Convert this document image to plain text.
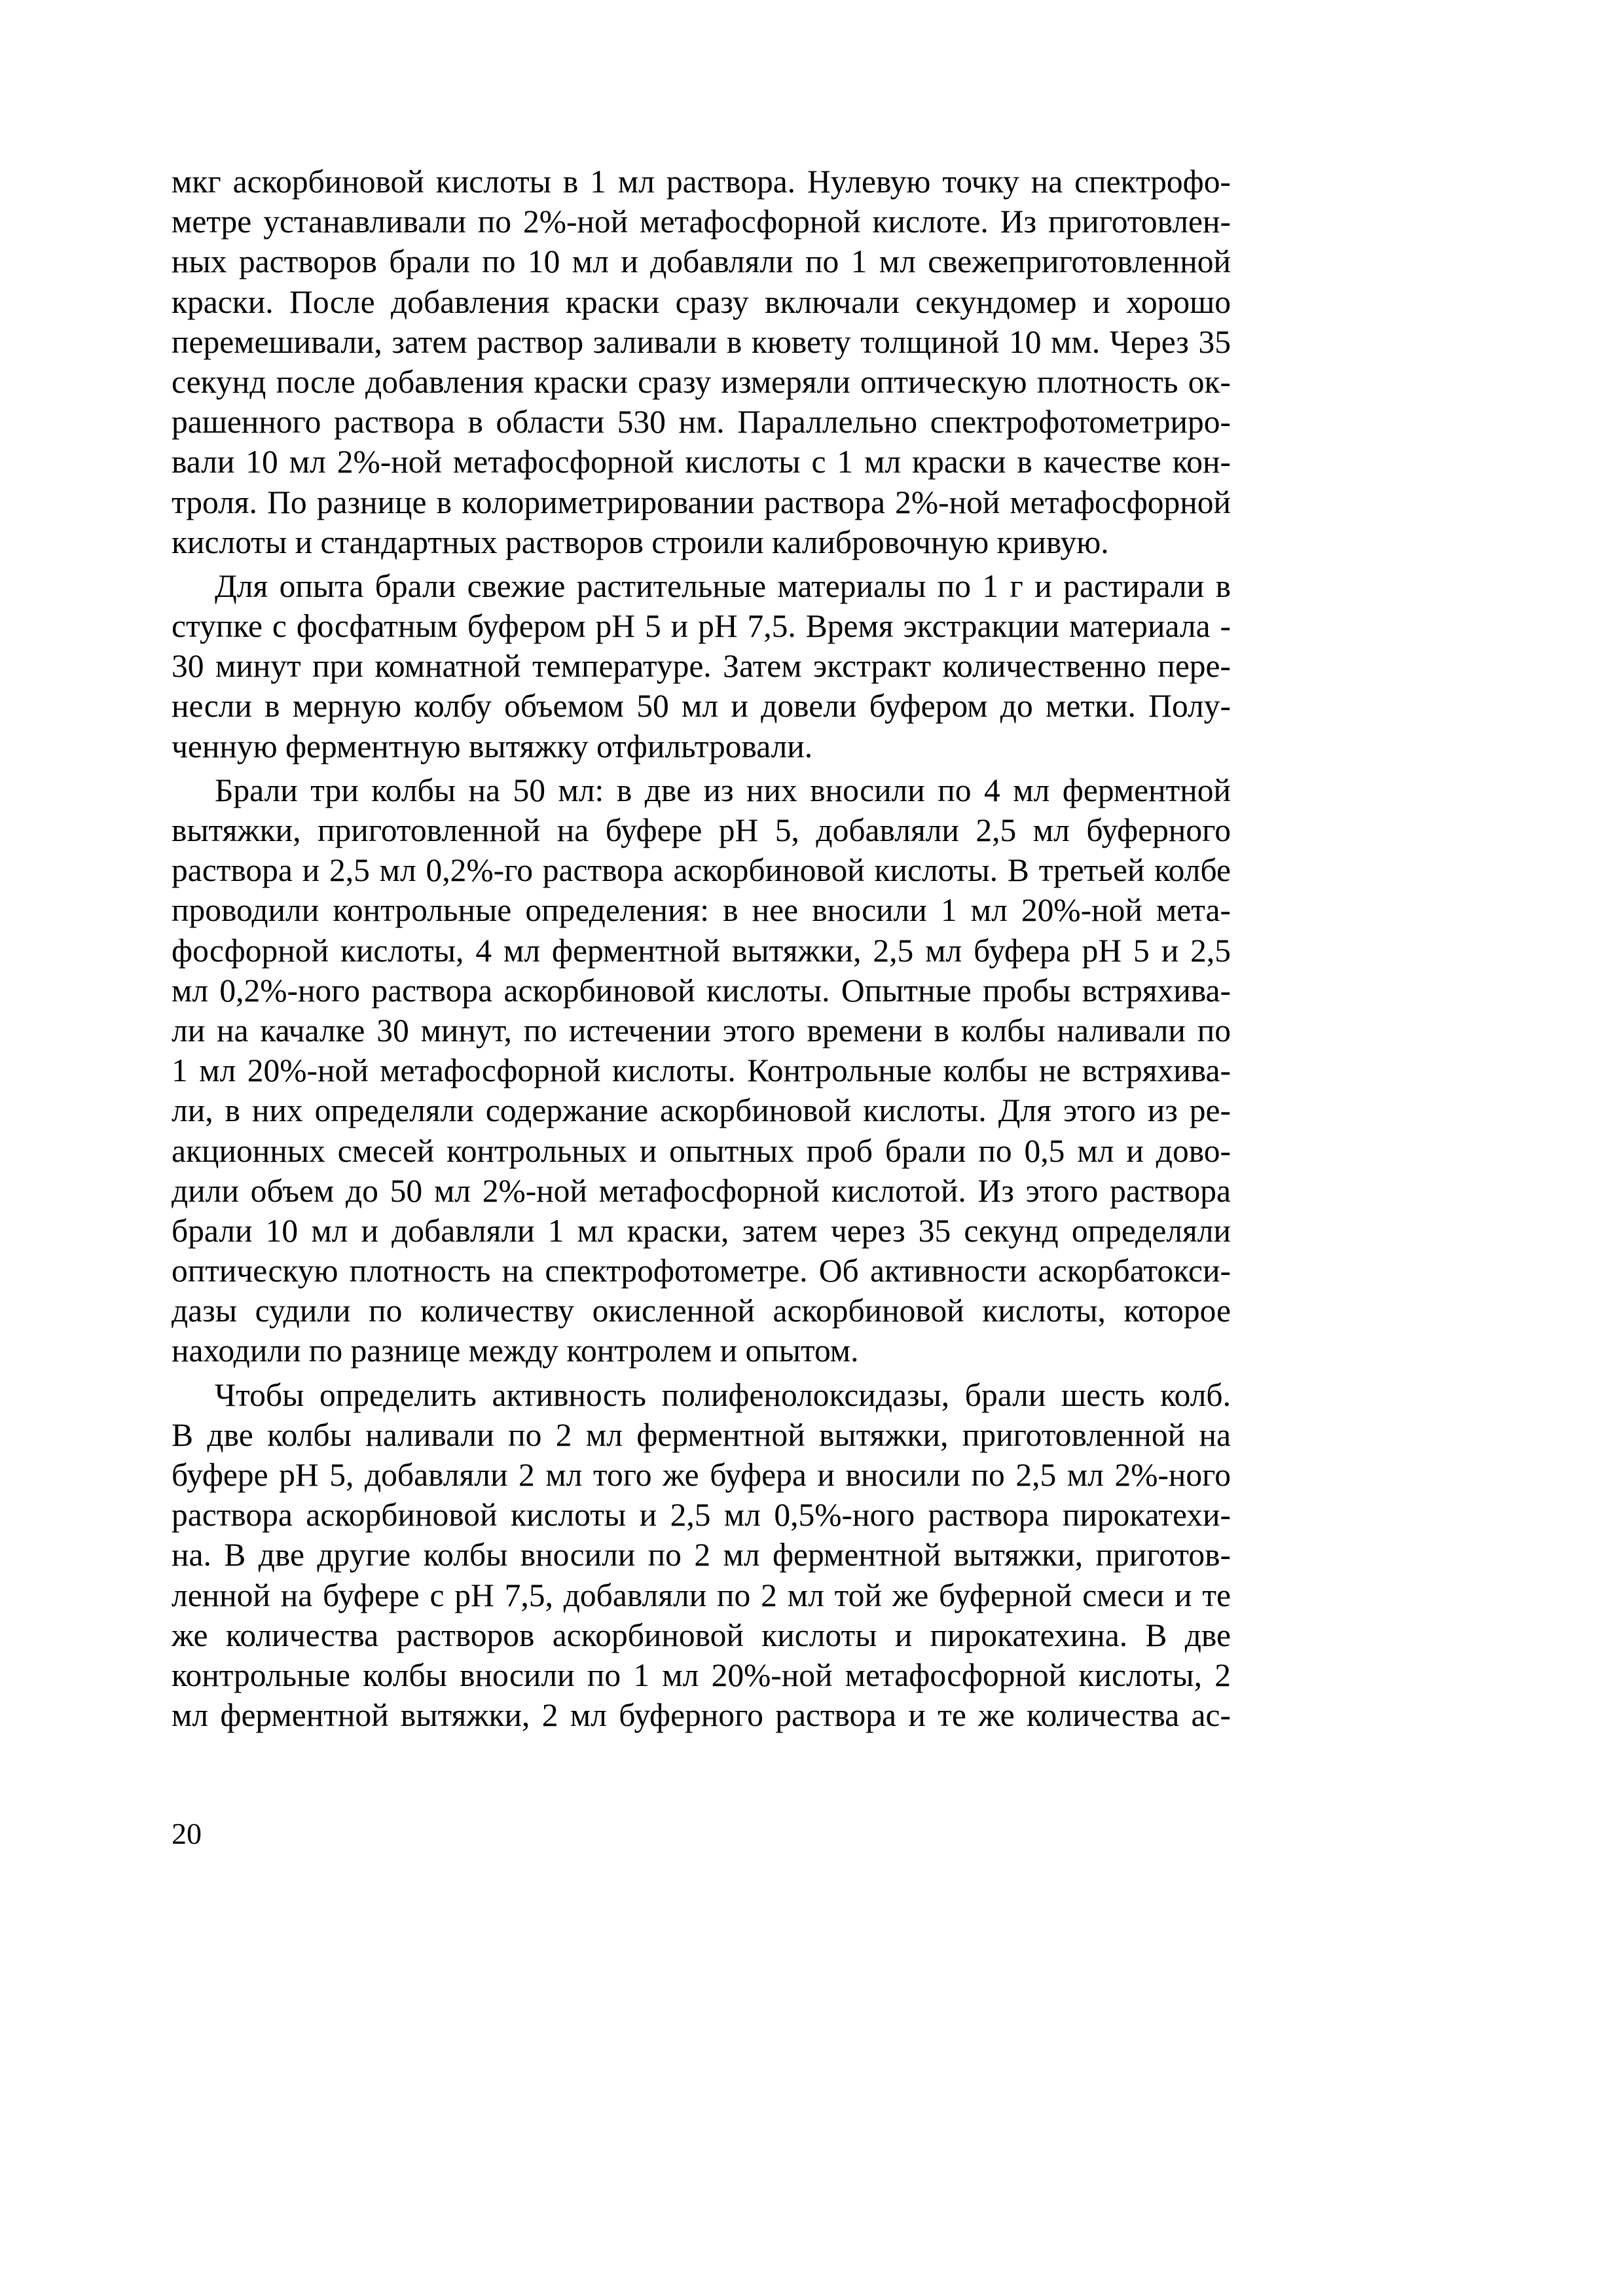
мкг аскорбиновой кислоты в 1 мл раствора. Нулевую точку на спектрофо-
метре устанавливали по 2%-ной метафосфорной кислоте. Из приготовлен-
ных растворов брали по 10 мл и добавляли по 1 мл свежеприготовленной
краски. После добавления краски сразу включали секундомер и хорошо
перемешивали, затем раствор заливали в кювету толщиной 10 мм. Через 35
секунд после добавления краски сразу измеряли оптическую плотность ок-
рашенного раствора в области 530 нм. Параллельно спектрофотометриро-
вали 10 мл 2%-ной метафосфорной кислоты с 1 мл краски в качестве кон-
троля. По разнице в колориметрировании раствора 2%-ной метафосфорной
кислоты и стандартных растворов строили калибровочную кривую.
Для опыта брали свежие растительные материалы по 1 г и растирали в
ступке с фосфатным буфером рН 5 и рН 7,5. Время экстракции материала -
30 минут при комнатной температуре. Затем экстракт количественно пере-
несли в мерную колбу объемом 50 мл и довели буфером до метки. Полу-
ченную ферментную вытяжку отфильтровали.
Брали три колбы на 50 мл: в две из них вносили по 4 мл ферментной
вытяжки, приготовленной на буфере рН 5, добавляли 2,5 мл буферного
раствора и 2,5 мл 0,2%-го раствора аскорбиновой кислоты. В третьей колбе
проводили контрольные определения: в нее вносили 1 мл 20%-ной мета-
фосфорной кислоты, 4 мл ферментной вытяжки, 2,5 мл буфера рН 5 и 2,5
мл 0,2%-ного раствора аскорбиновой кислоты. Опытные пробы встряхива-
ли на качалке 30 минут, по истечении этого времени в колбы наливали по
1 мл 20%-ной метафосфорной кислоты. Контрольные колбы не встряхива-
ли, в них определяли содержание аскорбиновой кислоты. Для этого из ре-
акционных смесей контрольных и опытных проб брали по 0,5 мл и дово-
дили объем до 50 мл 2%-ной метафосфорной кислотой. Из этого раствора
брали 10 мл и добавляли 1 мл краски, затем через 35 секунд определяли
оптическую плотность на спектрофотометре. Об активности аскорбатокси-
дазы судили по количеству окисленной аскорбиновой кислоты, которое
находили по разнице между контролем и опытом.
Чтобы определить активность полифенолоксидазы, брали шесть колб.
В две колбы наливали по 2 мл ферментной вытяжки, приготовленной на
буфере рН 5, добавляли 2 мл того же буфера и вносили по 2,5 мл 2%-ного
раствора аскорбиновой кислоты и 2,5 мл 0,5%-ного раствора пирокатехи-
на. В две другие колбы вносили по 2 мл ферментной вытяжки, приготов-
ленной на буфере с рН 7,5, добавляли по 2 мл той же буферной смеси и те
же количества растворов аскорбиновой кислоты и пирокатехина. В две
контрольные колбы вносили по 1 мл 20%-ной метафосфорной кислоты, 2
мл ферментной вытяжки, 2 мл буферного раствора и те же количества ас-
20
